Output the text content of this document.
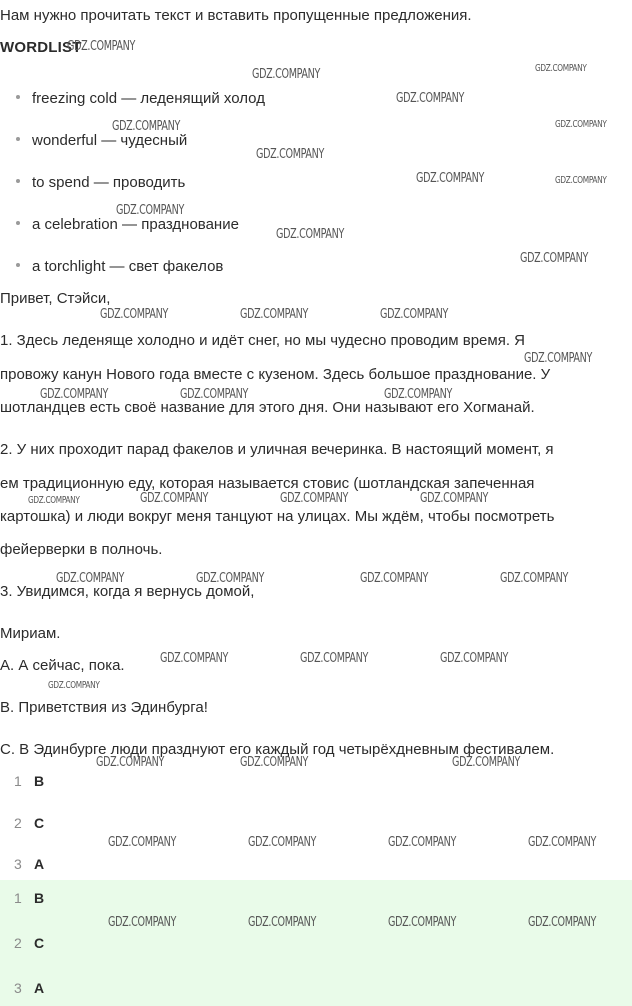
Нам нужно прочитать текст и вставить пропущенные предложения.
WORDLIST
freezing cold — леденящий холод
wonderful — чудесный
to spend — проводить
a celebration — празднование
a torchlight — свет факелов
Привет, Стэйси,
1. Здесь леденяще холодно и идёт снег, но мы чудесно проводим время. Я
провожу канун Нового года вместе с кузеном. Здесь большое празднование. У
шотландцев есть своё название для этого дня. Они называют его Хогманай.
2. У них проходит парад факелов и уличная вечеринка. В настоящий момент, я
ем традиционную еду, которая называется стовис (шотландская запеченная
картошка) и люди вокруг меня танцуют на улицах. Мы ждём, чтобы посмотреть
фейерверки в полночь.
3. Увидимся, когда я вернусь домой,
Мириам.
A. А сейчас, пока.
B. Приветствия из Эдинбурга!
C. В Эдинбурге люди празднуют его каждый год четырёхдневным фестивалем.
1 B
2 C
3 A
1 B
2 C
3 A
GDZ.COMPANY
GDZ.COMPANY	GDZ.COMPANY
GDZ.COMPANY
GDZ.COMPANY	GDZ.COMPANY
GDZ.COMPANY
GDZ.COMPANY	GDZ.COMPANY
GDZ.COMPANY
GDZ.COMPANY
GDZ.COMPANY
GDZ.COMPANY	GDZ.COMPANY	GDZ.COMPANY
GDZ.COMPANY
GDZ.COMPANY	GDZ.COMPANY	GDZ.COMPANY
GDZ.COMPANY	GDZ.COMPANY	GDZ.COMPANY	GDZ.COMPANY
GDZ.COMPANY	GDZ.COMPANY	GDZ.COMPANY	GDZ.COMPANY
GDZ.COMPANY	GDZ.COMPANY	GDZ.COMPANY
GDZ.COMPANY
GDZ.COMPANY	GDZ.COMPANY	GDZ.COMPANY
GDZ.COMPANY	GDZ.COMPANY	GDZ.COMPANY	GDZ.COMPANY
GDZ.COMPANY	GDZ.COMPANY	GDZ.COMPANY	GDZ.COMPANY
